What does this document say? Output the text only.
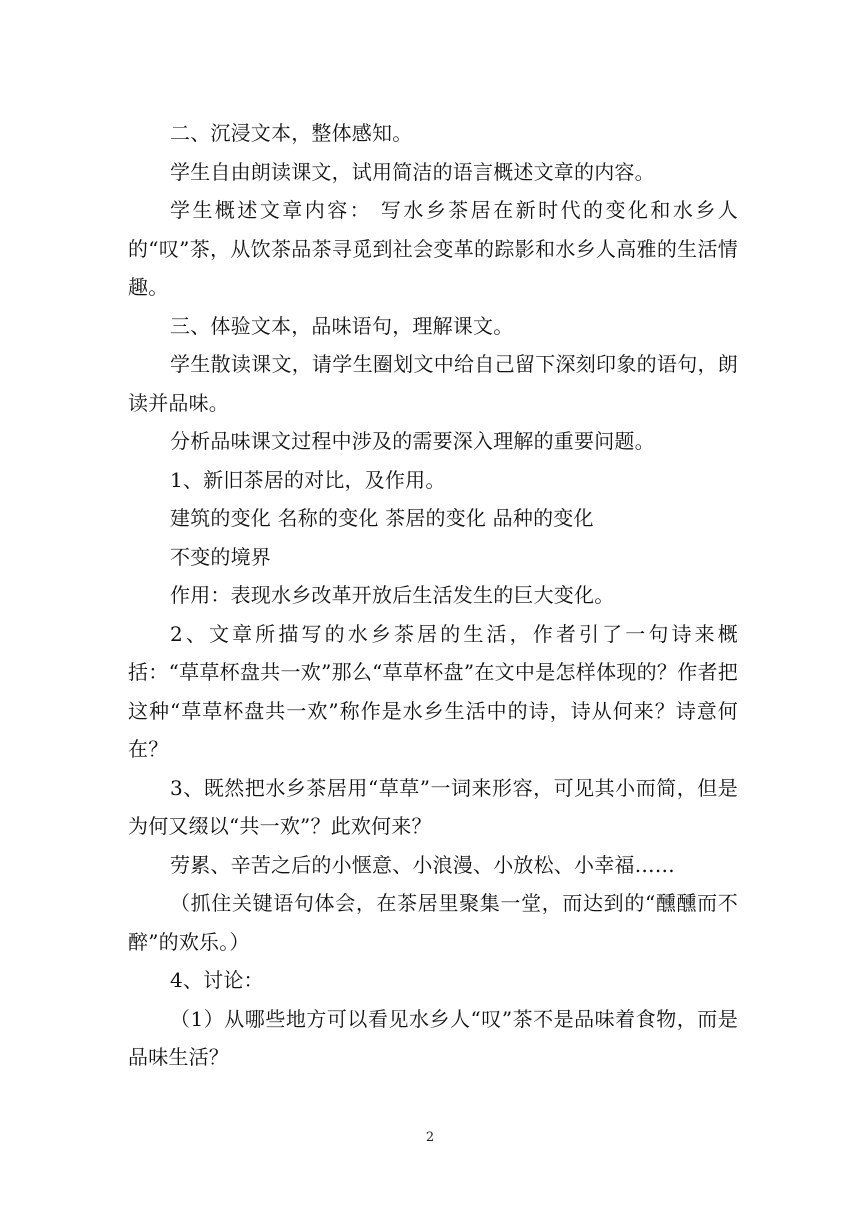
二、沉浸文本，整体感知。

学生自由朗读课文，试用简洁的语言概述文章的内容。

学生概述文章内容： 写水乡茶居在新时代的变化和水乡人的“叹”茶，从饮茶品茶寻觅到社会变革的踪影和水乡人高雅的生活情趣。

三、体验文本，品味语句，理解课文。

学生散读课文，请学生圈划文中给自己留下深刻印象的语句，朗读并品味。

分析品味课文过程中涉及的需要深入理解的重要问题。

1、新旧茶居的对比，及作用。

建筑的变化 名称的变化 茶居的变化 品种的变化

不变的境界

作用：表现水乡改革开放后生活发生的巨大变化。

2、文章所描写的水乡茶居的生活，作者引了一句诗来概括：“草草杯盘共一欢”那么“草草杯盘”在文中是怎样体现的？作者把这种“草草杯盘共一欢”称作是水乡生活中的诗，诗从何来？诗意何在？

3、既然把水乡茶居用“草草”一词来形容，可见其小而简，但是为何又缀以“共一欢”？此欢何来？

劳累、辛苦之后的小惬意、小浪漫、小放松、小幸福……

（抓住关键语句体会，在茶居里聚集一堂，而达到的“醺醺而不醉”的欢乐。）

4、讨论：

（1）从哪些地方可以看见水乡人“叹”茶不是品味着食物，而是品味生活？

2
